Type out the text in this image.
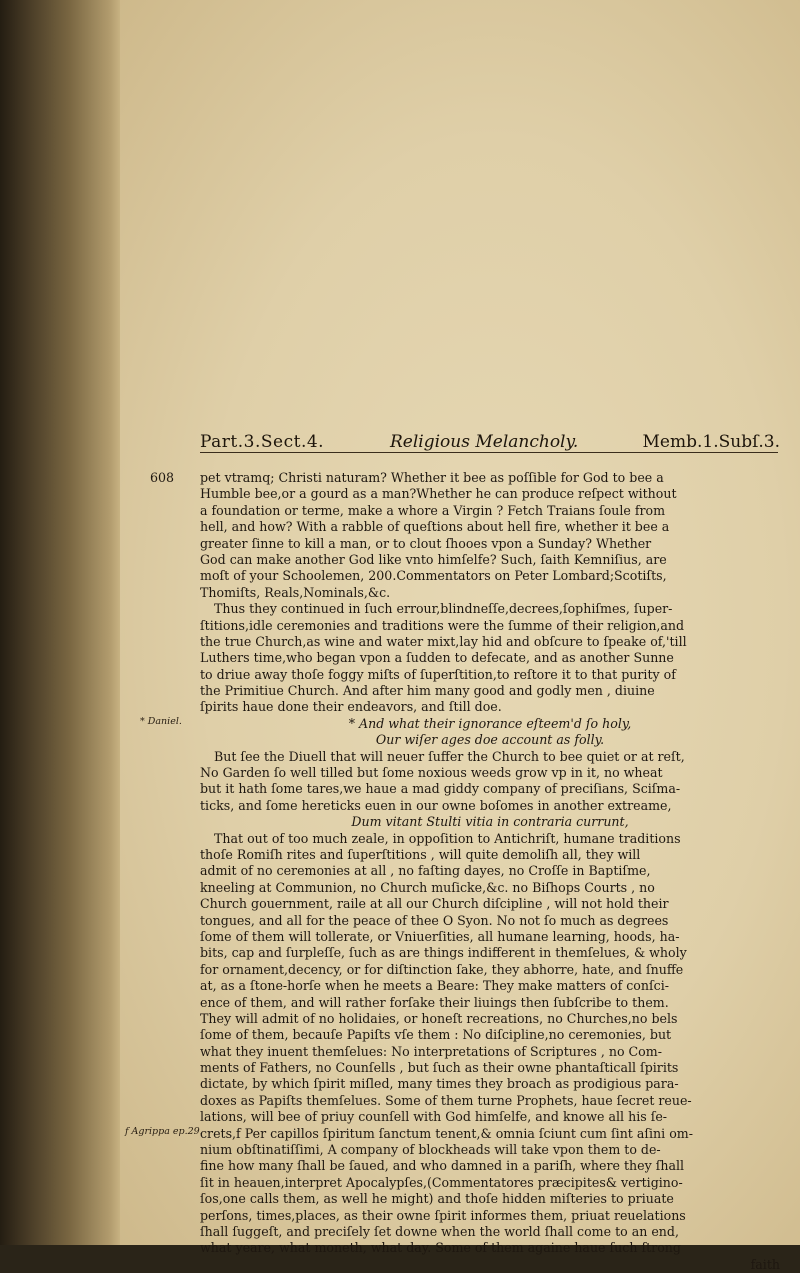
Part.3.Sect.4.	Religious Melancholy.	Memb.1.Subſ.3.
608
* Daniel.
f Agrippa ep.29.
pet vtramq; Christi naturam? Whether it bee as poſſible for God to bee a
Humble bee,or a gourd as a man?Whether he can produce reſpect without
a foundation or terme, make a whore a Virgin ? Fetch Traians ſoule from
hell, and how? With a rabble of queſtions about hell fire, whether it bee a
greater ſinne to kill a man, or to clout ſhooes vpon a Sunday? Whether
God can make another God like vnto himſelfe? Such, ſaith Kemniſius, are
moſt of your Schoolemen, 200.Commentators on Peter Lombard;Scotiſts,
Thomiſts, Reals,Nominals,&c.
Thus they continued in ſuch errour,blindneſſe,decrees,ſophiſmes, ſuper-
ſtitions,idle ceremonies and traditions were the ſumme of their religion,and
the true Church,as wine and water mixt,lay hid and obſcure to ſpeake of,'till
Luthers time,who began vpon a ſudden to defecate, and as another Sunne
to driue away thoſe foggy miſts of ſuperſtition,to reſtore it to that purity of
the Primitiue Church. And after him many good and godly men , diuine
ſpirits haue done their endeavors, and ſtill doe.
* And what their ignorance eſteem'd ſo holy,
Our wiſer ages doe account as folly.
But ſee the Diuell that will neuer ſuffer the Church to bee quiet or at reſt,
No Garden ſo well tilled but ſome noxious weeds grow vp in it, no wheat
but it hath ſome tares,we haue a mad giddy company of preciſians, Sciſma-
ticks, and ſome hereticks euen in our owne boſomes in another extreame,
Dum vitant Stulti vitia in contraria currunt,
That out of too much zeale, in oppoſition to Antichriſt, humane traditions
thoſe Romiſh rites and ſuperſtitions , will quite demoliſh all, they will
admit of no ceremonies at all , no faſting dayes, no Croſſe in Baptiſme,
kneeling at Communion, no Church muſicke,&c. no Biſhops Courts , no
Church gouernment, raile at all our Church diſcipline , will not hold their
tongues, and all for the peace of thee O Syon. No not ſo much as degrees
ſome of them will tollerate, or Vniuerſities, all humane learning, hoods, ha-
bits, cap and ſurpleſſe, ſuch as are things indifferent in themſelues, & wholy
for ornament,decency, or for diſtinction ſake, they abhorre, hate, and ſnuffe
at, as a ſtone-horſe when he meets a Beare: They make matters of conſci-
ence of them, and will rather forſake their liuings then ſubſcribe to them.
They will admit of no holidaies, or honeſt recreations, no Churches,no bels
ſome of them, becauſe Papiſts vſe them : No diſcipline,no ceremonies, but
what they inuent themſelues: No interpretations of Scriptures , no Com-
ments of Fathers, no Counſells , but ſuch as their owne phantaſticall ſpirits
dictate, by which ſpirit miſled, many times they broach as prodigious para-
doxes as Papiſts themſelues. Some of them turne Prophets, haue ſecret reue-
lations, will bee of priuy counſell with God himſelfe, and knowe all his ſe-
crets,f Per capillos ſpiritum ſanctum tenent,& omnia ſciunt cum ſint aſini om-
nium obſtinatiſſimi, A company of blockheads will take vpon them to de-
fine how many ſhall be ſaued, and who damned in a pariſh, where they ſhall
ſit in heauen,interpret Apocalypſes,(Commentatores præcipites& vertigino-
ſos,one calls them, as well he might) and thoſe hidden miſteries to priuate
perſons, times,places, as their owne ſpirit informes them, priuat reuelations
ſhall ſuggeſt, and preciſely ſet downe when the world ſhall come to an end,
what yeare, what moneth, what day. Some of them againe haue ſuch ſtrong
faith
